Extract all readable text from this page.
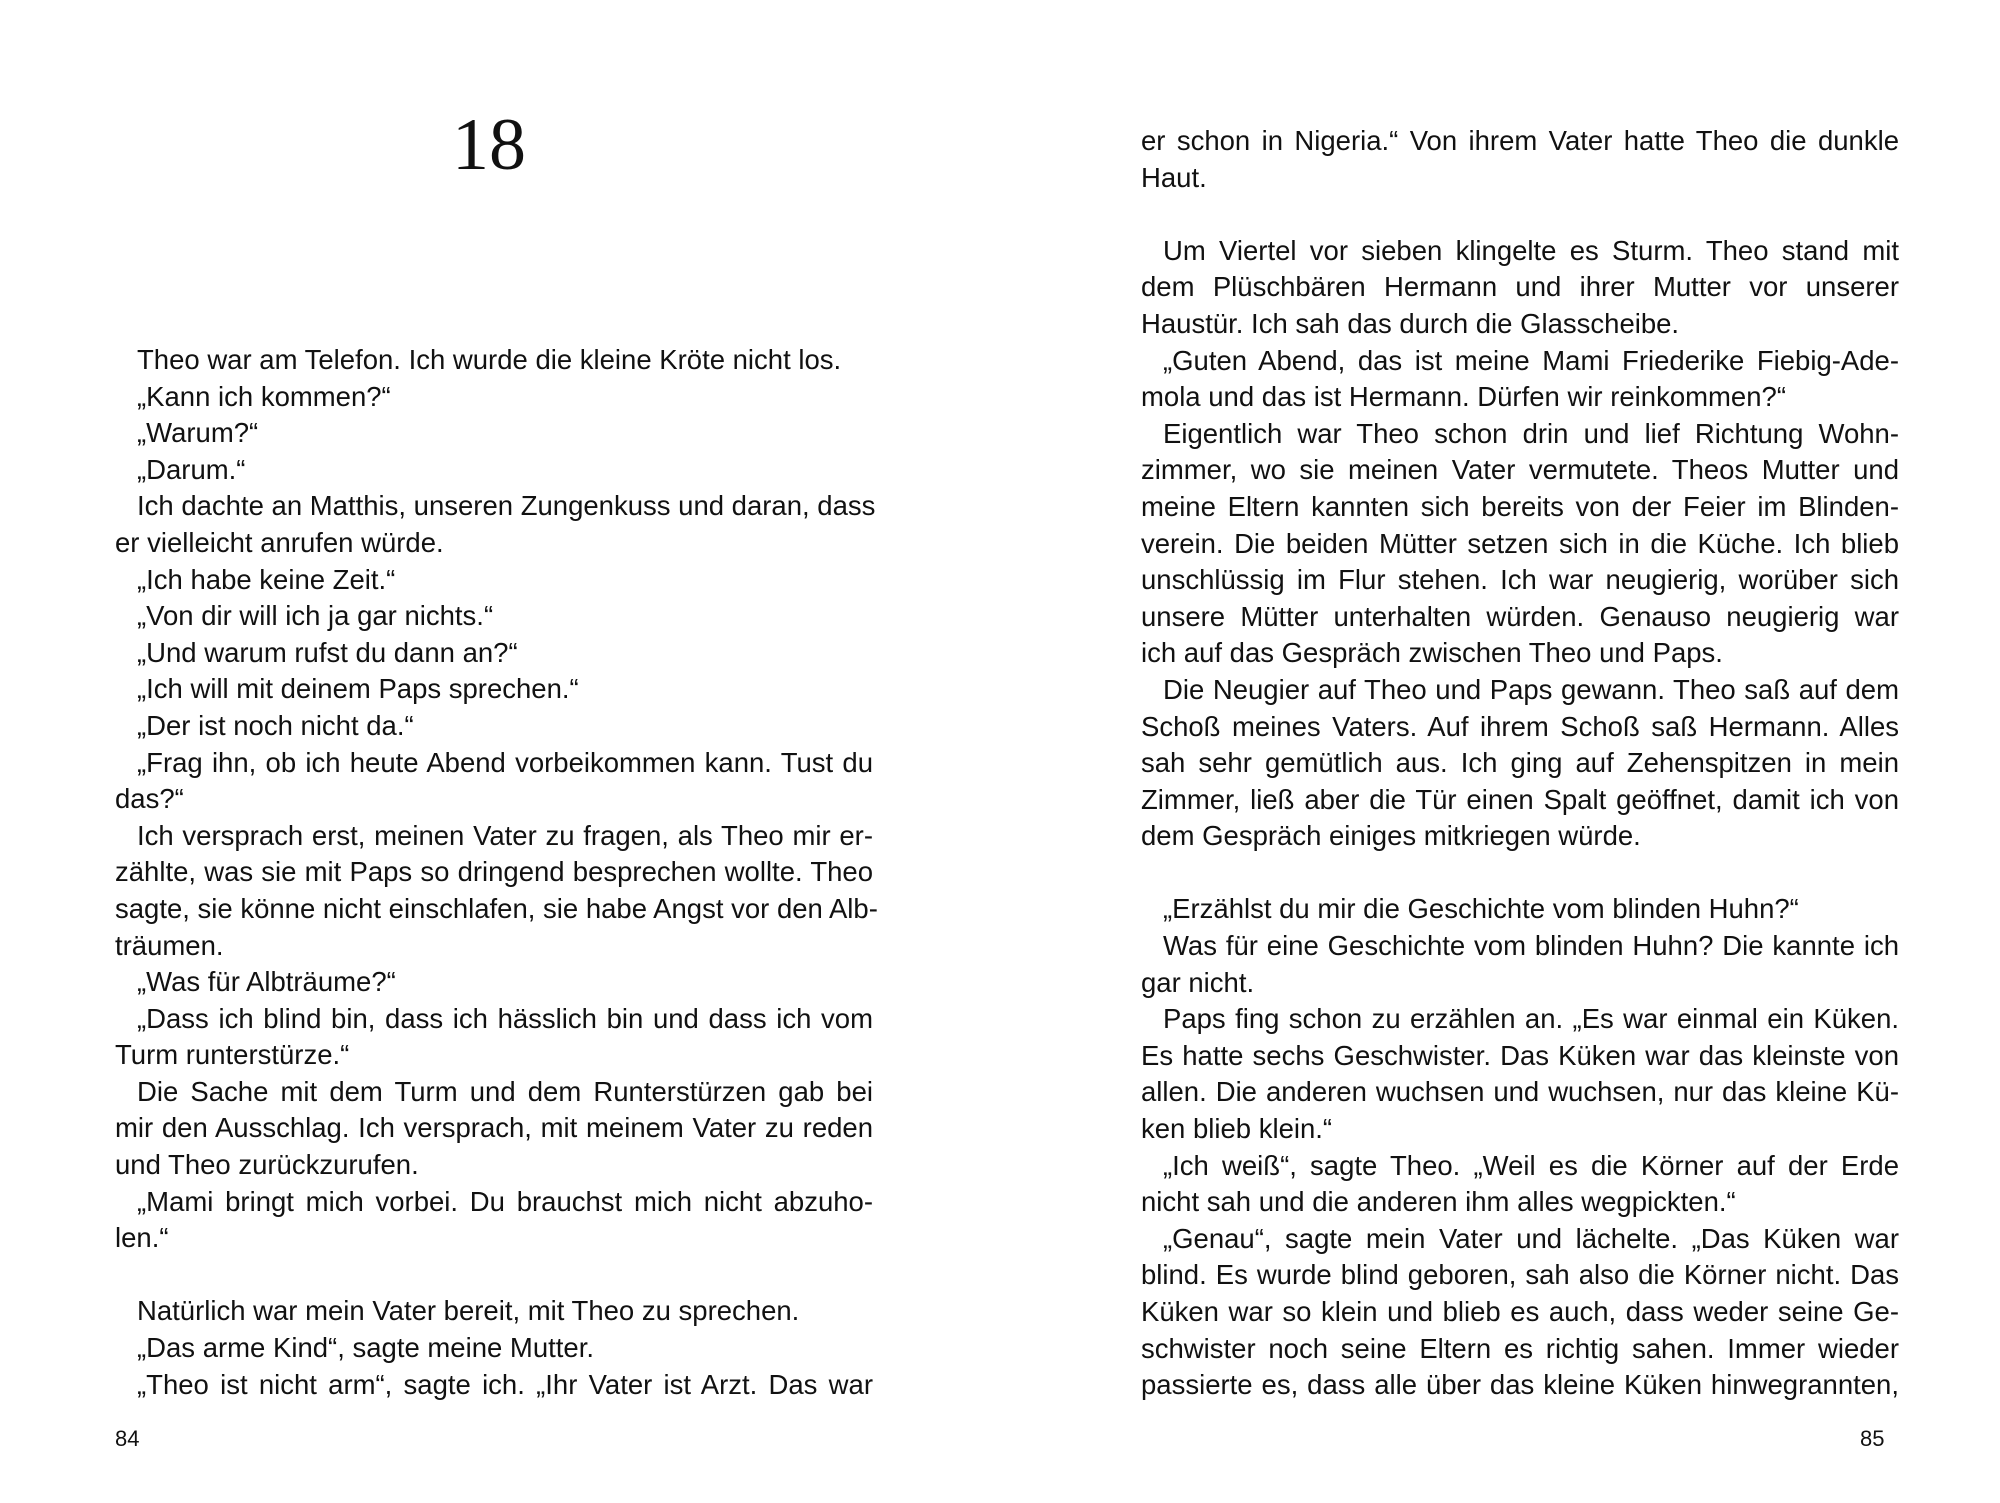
18
Theo war am Telefon. Ich wurde die kleine Kröte nicht los.
„Kann ich kommen?“
„Warum?“
„Darum.“
Ich dachte an Matthis, unseren Zungenkuss und daran, dass
er vielleicht anrufen würde.
„Ich habe keine Zeit.“
„Von dir will ich ja gar nichts.“
„Und warum rufst du dann an?“
„Ich will mit deinem Paps sprechen.“
„Der ist noch nicht da.“
„Frag ihn, ob ich heute Abend vorbeikommen kann. Tust du
das?“
Ich versprach erst, meinen Vater zu fragen, als Theo mir er-
zählte, was sie mit Paps so dringend besprechen wollte. Theo
sagte, sie könne nicht einschlafen, sie habe Angst vor den Alb-
träumen.
„Was für Albträume?“
„Dass ich blind bin, dass ich hässlich bin und dass ich vom
Turm runterstürze.“
Die Sache mit dem Turm und dem Runterstürzen gab bei
mir den Ausschlag. Ich versprach, mit meinem Vater zu reden
und Theo zurückzurufen.
„Mami bringt mich vorbei. Du brauchst mich nicht abzuho-
len.“
Natürlich war mein Vater bereit, mit Theo zu sprechen.
„Das arme Kind“, sagte meine Mutter.
„Theo ist nicht arm“, sagte ich. „Ihr Vater ist Arzt. Das war
84
er schon in Nigeria.“ Von ihrem Vater hatte Theo die dunkle
Haut.
Um Viertel vor sieben klingelte es Sturm. Theo stand mit
dem Plüschbären Hermann und ihrer Mutter vor unserer
Haustür. Ich sah das durch die Glasscheibe.
„Guten Abend, das ist meine Mami Friederike Fiebig-Ade-
mola und das ist Hermann. Dürfen wir reinkommen?“
Eigentlich war Theo schon drin und lief Richtung Wohn-
zimmer, wo sie meinen Vater vermutete. Theos Mutter und
meine Eltern kannten sich bereits von der Feier im Blinden-
verein. Die beiden Mütter setzen sich in die Küche. Ich blieb
unschlüssig im Flur stehen. Ich war neugierig, worüber sich
unsere Mütter unterhalten würden. Genauso neugierig war
ich auf das Gespräch zwischen Theo und Paps.
Die Neugier auf Theo und Paps gewann. Theo saß auf dem
Schoß meines Vaters. Auf ihrem Schoß saß Hermann. Alles
sah sehr gemütlich aus. Ich ging auf Zehenspitzen in mein
Zimmer, ließ aber die Tür einen Spalt geöffnet, damit ich von
dem Gespräch einiges mitkriegen würde.
„Erzählst du mir die Geschichte vom blinden Huhn?“
Was für eine Geschichte vom blinden Huhn? Die kannte ich
gar nicht.
Paps fing schon zu erzählen an. „Es war einmal ein Küken.
Es hatte sechs Geschwister. Das Küken war das kleinste von
allen. Die anderen wuchsen und wuchsen, nur das kleine Kü-
ken blieb klein.“
„Ich weiß“, sagte Theo. „Weil es die Körner auf der Erde
nicht sah und die anderen ihm alles wegpickten.“
„Genau“, sagte mein Vater und lächelte. „Das Küken war
blind. Es wurde blind geboren, sah also die Körner nicht. Das
Küken war so klein und blieb es auch, dass weder seine Ge-
schwister noch seine Eltern es richtig sahen. Immer wieder
passierte es, dass alle über das kleine Küken hinwegrannten,
85
